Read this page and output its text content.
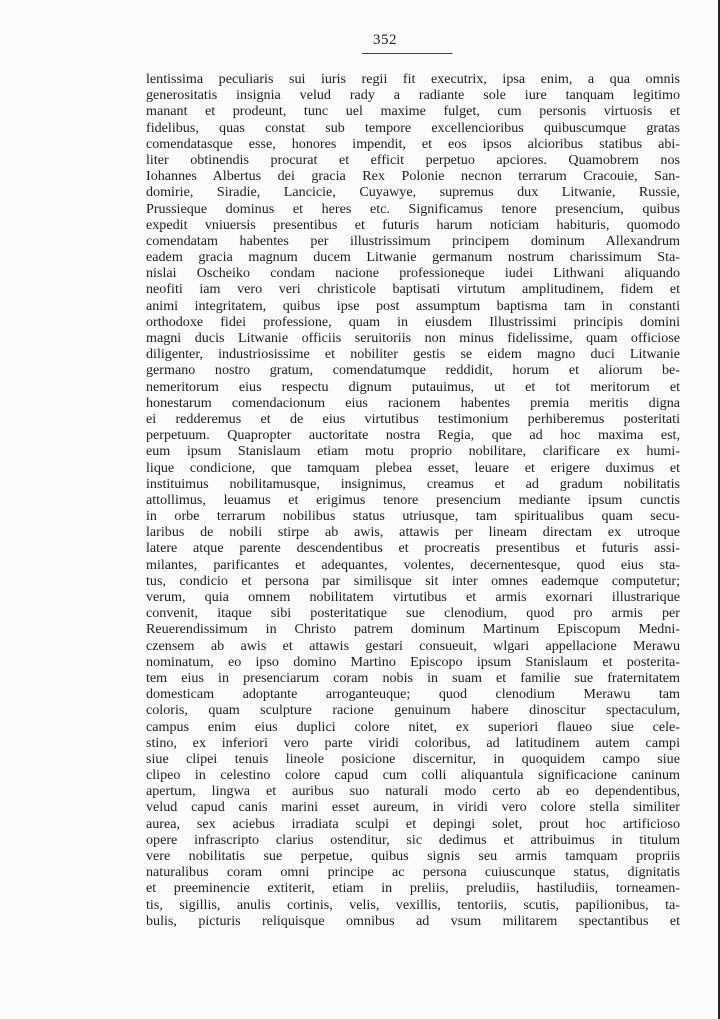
352
lentissima peculiaris sui iuris regii fit executrix, ipsa enim, a qua omnis
generositatis insignia velud rady a radiante sole iure tanquam legitimo
manant et prodeunt, tunc uel maxime fulget, cum personis virtuosis et
fidelibus, quas constat sub tempore excellencioribus quibuscumque gratas
comendatasque esse, honores impendit, et eos ipsos alcioribus statibus abi-
liter obtinendis procurat et efficit perpetuo apciores. Quamobrem nos
Iohannes Albertus dei gracia Rex Polonie necnon terrarum Cracouie, San-
domirie, Siradie, Lancicie, Cuyawye, supremus dux Litwanie, Russie,
Prussieque dominus et heres etc. Significamus tenore presencium, quibus
expedit vniuersis presentibus et futuris harum noticiam habituris, quomodo
comendatam habentes per illustrissimum principem dominum Allexandrum
eadem gracia magnum ducem Litwanie germanum nostrum charissimum Sta-
nislai Oscheiko condam nacione professioneque iudei Lithwani aliquando
neofiti iam vero veri christicole baptisati virtutum amplitudinem, fidem et
animi integritatem, quibus ipse post assumptum baptisma tam in constanti
orthodoxe fidei professione, quam in eiusdem Illustrissimi principis domini
magni ducis Litwanie officiis seruitoriis non minus fidelissime, quam officiose
diligenter, industriosissime et nobiliter gestis se eidem magno duci Litwanie
germano nostro gratum, comendatumque reddidit, horum et aliorum be-
nemeritorum eius respectu dignum putauimus, ut et tot meritorum et
honestarum comendacionum eius racionem habentes premia meritis digna
ei redderemus et de eius virtutibus testimonium perhiberemus posteritati
perpetuum. Quapropter auctoritate nostra Regia, que ad hoc maxima est,
eum ipsum Stanislaum etiam motu proprio nobilitare, clarificare ex humi-
lique condicione, que tamquam plebea esset, leuare et erigere duximus et
instituimus nobilitamusque, insignimus, creamus et ad gradum nobilitatis
attollimus, leuamus et erigimus tenore presencium mediante ipsum cunctis
in orbe terrarum nobilibus status utriusque, tam spiritualibus quam secu-
laribus de nobili stirpe ab awis, attawis per lineam directam ex utroque
latere atque parente descendentibus et procreatis presentibus et futuris assi-
milantes, parificantes et adequantes, volentes, decernentesque, quod eius sta-
tus, condicio et persona par similisque sit inter omnes eademque computetur;
verum, quia omnem nobilitatem virtutibus et armis exornari illustrarique
convenit, itaque sibi posteritatique sue clenodium, quod pro armis per
Reuerendissimum in Christo patrem dominum Martinum Episcopum Medni-
czensem ab awis et attawis gestari consueuit, wlgari appellacione Merawu
nominatum, eo ipso domino Martino Episcopo ipsum Stanislaum et posterita-
tem eius in presenciarum coram nobis in suam et familie sue fraternitatem
domesticam adoptante arroganteuque; quod clenodium Merawu tam
coloris, quam sculpture racione genuinum habere dinoscitur spectaculum,
campus enim eius duplici colore nitet, ex superiori flaueo siue cele-
stino, ex inferiori vero parte viridi coloribus, ad latitudinem autem campi
siue clipei tenuis lineole posicione discernitur, in quoquidem campo siue
clipeo in celestino colore capud cum colli aliquantula significacione caninum
apertum, lingwa et auribus suo naturali modo certo ab eo dependentibus,
velud capud canis marini esset aureum, in viridi vero colore stella similiter
aurea, sex aciebus irradiata sculpi et depingi solet, prout hoc artificioso
opere infrascripto clarius ostenditur, sic dedimus et attribuimus in titulum
vere nobilitatis sue perpetue, quibus signis seu armis tamquam propriis
naturalibus coram omni principe ac persona cuiuscunque status, dignitatis
et preeminencie extiterit, etiam in preliis, preludiis, hastiludiis, torneamen-
tis, sigillis, anulis cortinis, velis, vexillis, tentoriis, scutis, papilionibus, ta-
bulis, picturis reliquisque omnibus ad vsum militarem spectantibus et
